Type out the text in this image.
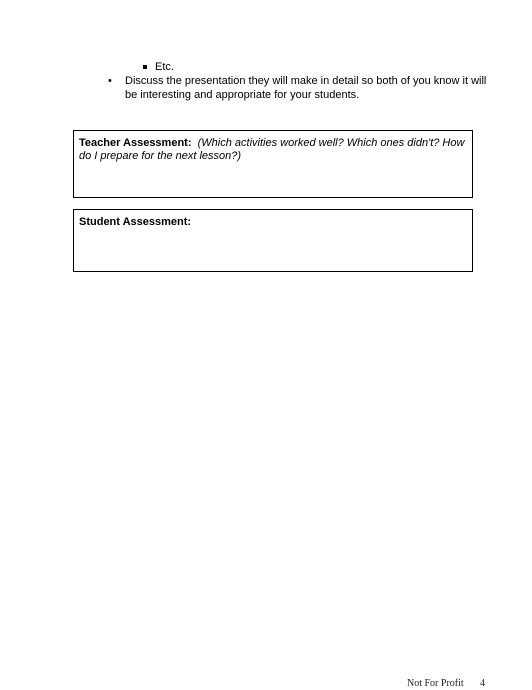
Etc.
• Discuss the presentation they will make in detail so both of you know it will be interesting and appropriate for your students.
Teacher Assessment: (Which activities worked well? Which ones didn't? How do I prepare for the next lesson?)
Student Assessment:
Not For Profit 4
